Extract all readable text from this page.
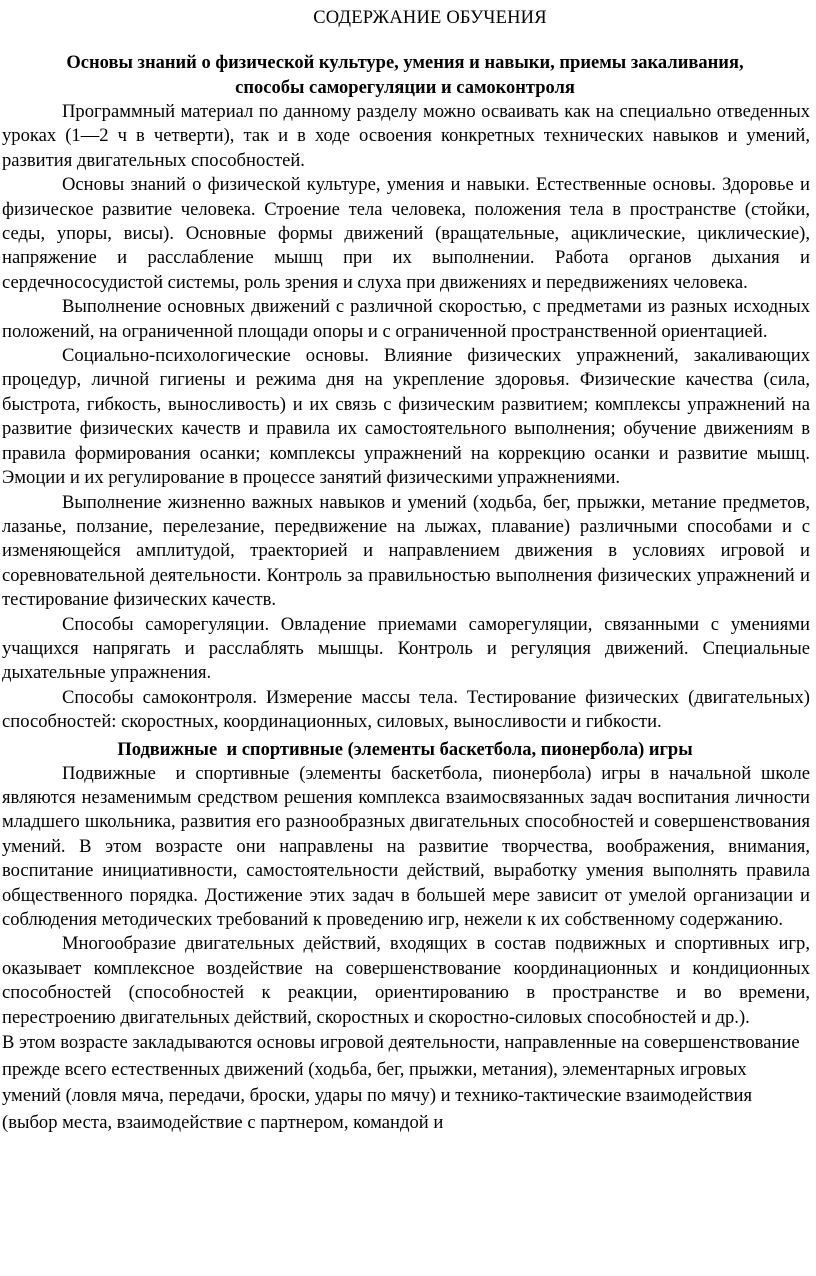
СОДЕРЖАНИЕ ОБУЧЕНИЯ
Основы знаний о физической культуре, умения и навыки, приемы закаливания,
способы саморегуляции и самоконтроля

Программный материал по данному разделу можно осваивать как на специально отведенных уроках (1—2 ч в четверти), так и в ходе освоения конкретных технических навыков и умений, развития двигательных способностей.

Основы знаний о физической культуре, умения и навыки. Естественные основы. Здоровье и физическое развитие человека. Строение тела человека, положения тела в пространстве (стойки, седы, упоры, висы). Основные формы движений (вращательные, ациклические, циклические), напряжение и расслабление мышц при их выполнении. Работа органов дыхания и сердечнососудистой системы, роль зрения и слуха при движениях и передвижениях человека.

Выполнение основных движений с различной скоростью, с предметами из разных исходных положений, на ограниченной площади опоры и с ограниченной пространственной ориентацией.

Социально-психологические основы. Влияние физических упражнений, закаливающих процедур, личной гигиены и режима дня на укрепление здоровья. Физические качества (сила, быстрота, гибкость, выносливость) и их связь с физическим развитием; комплексы упражнений на развитие физических качеств и правила их самостоятельного выполнения; обучение движениям в правила формирования осанки; комплексы упражнений на коррекцию осанки и развитие мышц. Эмоции и их регулирование в процессе занятий физическими упражнениями.

Выполнение жизненно важных навыков и умений (ходьба, бег, прыжки, метание предметов, лазанье, ползание, перелезание, передвижение на лыжах, плавание) различными способами и с изменяющейся амплитудой, траекторией и направлением движения в условиях игровой и соревновательной деятельности. Контроль за правильностью выполнения физических упражнений и тестирование физических качеств.

Способы саморегуляции. Овладение приемами саморегуляции, связанными с умениями учащихся напрягать и расслаблять мышцы. Контроль и регуляция движений. Специальные дыхательные упражнения.

Способы самоконтроля. Измерение массы тела. Тестирование физических (двигательных) способностей: скоростных, координационных, силовых, выносливости и гибкости.

Подвижные  и спортивные (элементы баскетбола, пионербола) игры

Подвижные  и спортивные (элементы баскетбола, пионербола) игры в начальной школе являются незаменимым средством решения комплекса взаимосвязанных задач воспитания личности младшего школьника, развития его разнообразных двигательных способностей и совершенствования умений. В этом возрасте они направлены на развитие творчества, воображения, внимания, воспитание инициативности, самостоятельности действий, выработку умения выполнять правила общественного порядка. Достижение этих задач в большей мере зависит от умелой организации и соблюдения методических требований к проведению игр, нежели к их собственному содержанию.

Многообразие двигательных действий, входящих в состав подвижных и спортивных игр, оказывает комплексное воздействие на совершенствование координационных и кондиционных способностей (способностей к реакции, ориентированию в пространстве и во времени, перестроению двигательных действий, скоростных и скоростно-силовых способностей и др.).

В этом возрасте закладываются основы игровой деятельности, направленные на совершенствование прежде всего естественных движений (ходьба, бег, прыжки, метания), элементарных игровых умений (ловля мяча, передачи, броски, удары по мячу) и технико-тактические взаимодействия (выбор места, взаимодействие с партнером, командой и
